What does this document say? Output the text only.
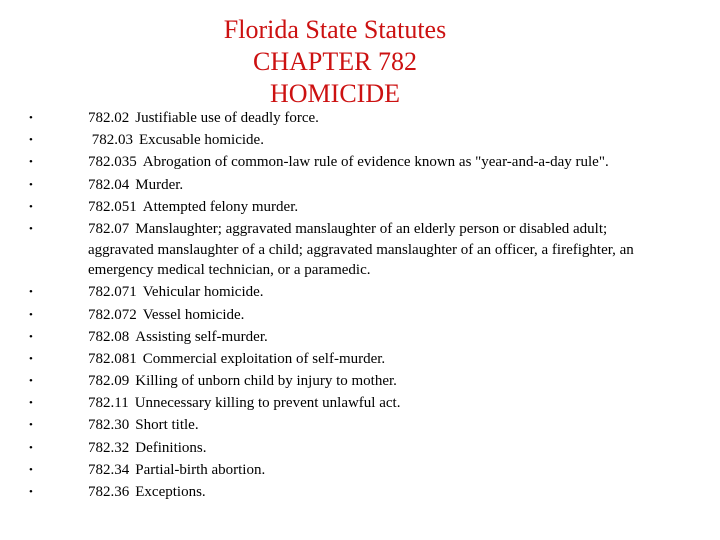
Florida State Statutes
CHAPTER 782
HOMICIDE
•	782.02 Justifiable use of deadly force.
•	782.03 Excusable homicide.
•	782.035 Abrogation of common-law rule of evidence known as "year-and-a-day rule".
•	782.04 Murder.
•	782.051 Attempted felony murder.
•	782.07 Manslaughter; aggravated manslaughter of an elderly person or disabled adult; aggravated manslaughter of a child; aggravated manslaughter of an officer, a firefighter, an emergency medical technician, or a paramedic.
•	782.071 Vehicular homicide.
•	782.072 Vessel homicide.
•	782.08 Assisting self-murder.
•	782.081 Commercial exploitation of self-murder.
•	782.09 Killing of unborn child by injury to mother.
•	782.11 Unnecessary killing to prevent unlawful act.
•	782.30 Short title.
•	782.32 Definitions.
•	782.34 Partial-birth abortion.
•	782.36 Exceptions.
